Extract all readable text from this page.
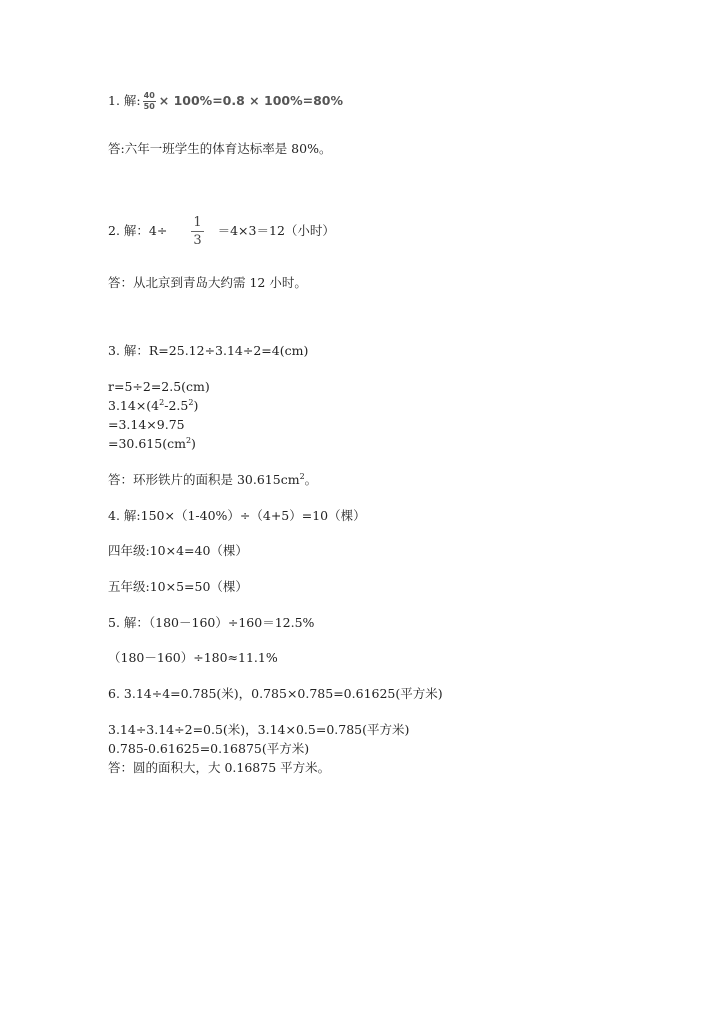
1. 解: $\frac{40}{50} \times 100\%=0.8 \times 100\%=80\%$
答:六年一班学生的体育达标率是 80%。
2. 解：$4\div \frac{1}{3} =4\times 3=12$（小时）
答：从北京到青岛大约需 12 小时。
3. 解：R=25.12÷3.14÷2=4(cm)
r=5÷2=2.5(cm)
$3.14\times(4^2-2.5^2)$
=3.14×9.75
$=30.615(cm^2)$
答：环形铁片的面积是 $30.615cm^2$。
4. 解:150×（1-40%）÷（4+5）=10（棵）
四年级:10×4=40（棵）
五年级:10×5=50（棵）
5. 解：（180－160）÷160＝12.5%
（180－160）÷180≈11.1%
6. 3.14÷4=0.785(米)，0.785×0.785=0.61625(平方米)
3.14÷3.14÷2=0.5(米)，3.14×0.5=0.785(平方米)
0.785-0.61625=0.16875(平方米)
答：圆的面积大，大 0.16875 平方米。
